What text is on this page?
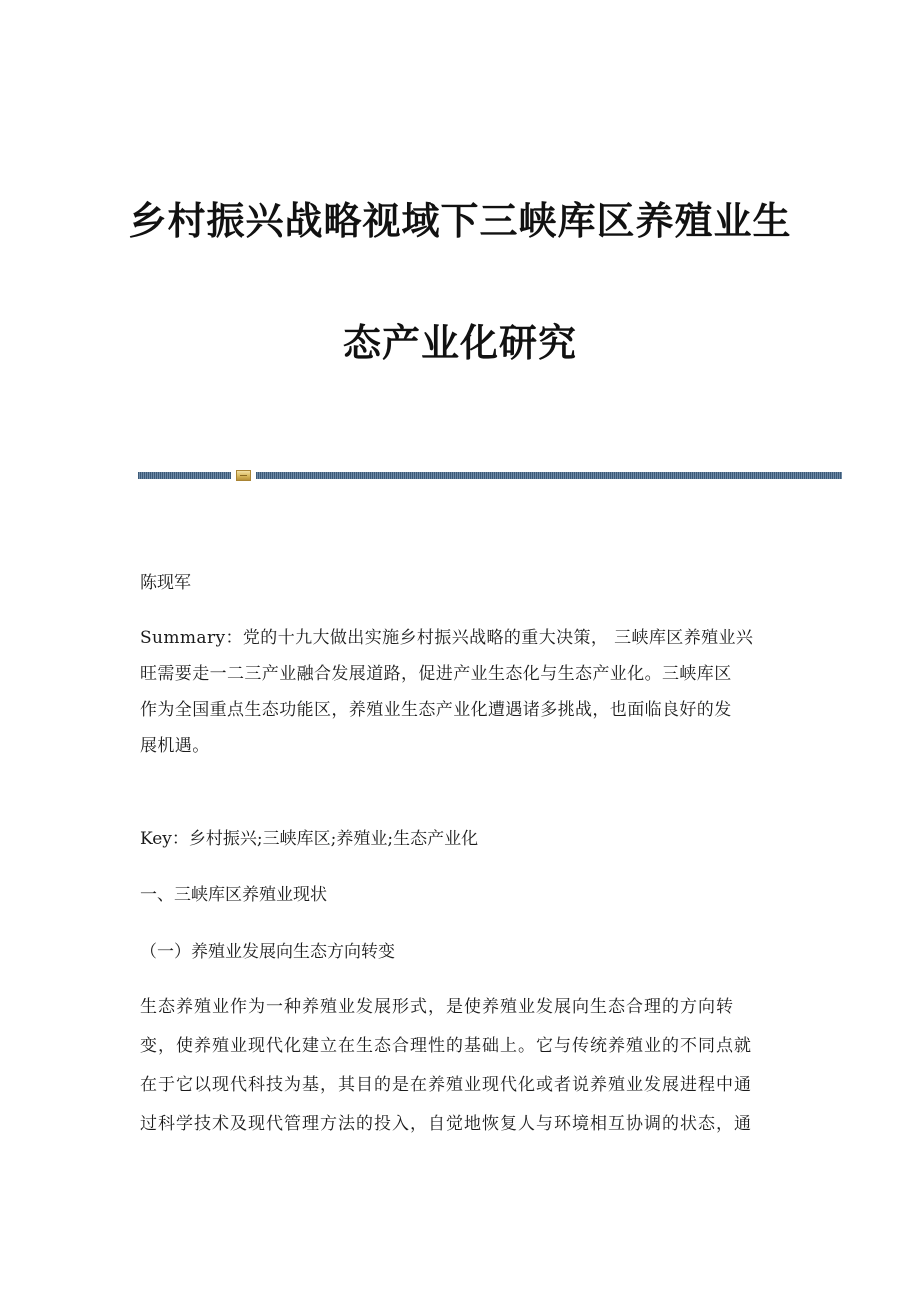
乡村振兴战略视域下三峡库区养殖业生
态产业化研究
陈现军
Summary：党的十九大做出实施乡村振兴战略的重大决策， 三峡库区养殖业兴
旺需要走一二三产业融合发展道路，促进产业生态化与生态产业化。三峡库区
作为全国重点生态功能区，养殖业生态产业化遭遇诸多挑战，也面临良好的发
展机遇。
Key：乡村振兴;三峡库区;养殖业;生态产业化
一、三峡库区养殖业现状
（一）养殖业发展向生态方向转变
生态养殖业作为一种养殖业发展形式，是使养殖业发展向生态合理的方向转
变，使养殖业现代化建立在生态合理性的基础上。它与传统养殖业的不同点就
在于它以现代科技为基，其目的是在养殖业现代化或者说养殖业发展进程中通
过科学技术及现代管理方法的投入，自觉地恢复人与环境相互协调的状态，通
